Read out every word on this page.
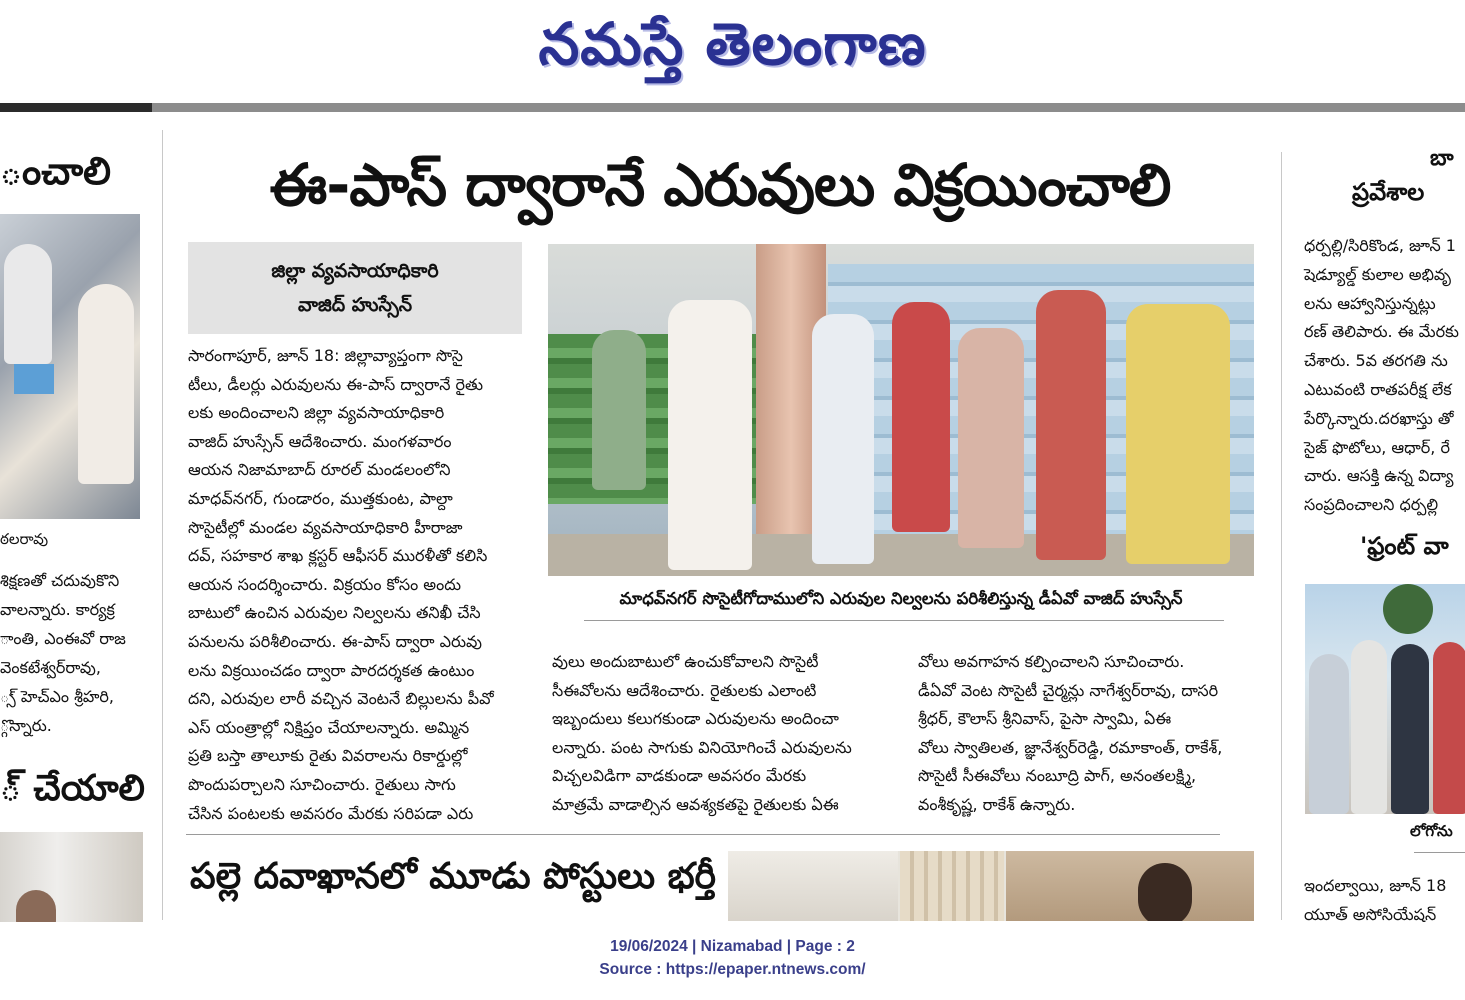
నమస్తే తెలంగాణ
ంచాలి
ఠలరావు

శిక్షణతో చదువుకొని

వాలన్నారు. కార్యక్ర

ాంతి, ఎంఈవో రాజ

వెంకటేశ్వర్‌రావు,

్స్ హెచ్‌ఎం శ్రీహరి,

్గొన్నారు.

్ చేయాలి
ఈ-పాస్ ద్వారానే ఎరువులు విక్రయించాలి
జిల్లా వ్యవసాయాధికారి
వాజిద్ హుస్సేన్

సారంగాపూర్, జూన్ 18: జిల్లావ్యాప్తంగా సొసై

టీలు, డీలర్లు ఎరువులను ఈ-పాస్ ద్వారానే రైతు

లకు అందించాలని జిల్లా వ్యవసాయాధికారి

వాజిద్ హుస్సేన్ ఆదేశించారు. మంగళవారం

ఆయన నిజామాబాద్ రూరల్ మండలంలోని

మాధవ్‌నగర్, గుండారం, ముత్తకుంట, పాల్దా

సొసైటీల్లో మండల వ్యవసాయాధికారి హీరాజా

దవ్, సహకార శాఖ క్లస్టర్ ఆఫీసర్ మురళీతో కలిసి

ఆయన సందర్శించారు. విక్రయం కోసం అందు

బాటులో ఉంచిన ఎరువుల నిల్వలను తనిఖీ చేసి

పనులను పరిశీలించారు. ఈ-పాస్ ద్వారా ఎరువు

లను విక్రయించడం ద్వారా పారదర్శకత ఉంటుం

దని, ఎరువుల లారీ వచ్చిన వెంటనే బిల్లులను పీవో

ఎస్ యంత్రాల్లో నిక్షిప్తం చేయాలన్నారు. అమ్మిన

ప్రతి బస్తా తాలూకు రైతు వివరాలను రికార్డుల్లో

పొందుపర్చాలని సూచించారు. రైతులు సాగు

చేసిన పంటలకు అవసరం మేరకు సరిపడా ఎరు

మాధవ్‌నగర్ సొసైటీగోదాములోని ఎరువుల నిల్వలను పరిశీలిస్తున్న డీఏవో వాజిద్ హుస్సేన్

వులు అందుబాటులో ఉంచుకోవాలని సొసైటీ

సీఈవోలను ఆదేశించారు. రైతులకు ఎలాంటి

ఇబ్బందులు కలుగకుండా ఎరువులను అందించా

లన్నారు. పంట సాగుకు వినియోగించే ఎరువులను

విచ్చలవిడిగా వాడకుండా అవసరం మేరకు

మాత్రమే వాడాల్సిన ఆవశ్యకతపై రైతులకు ఏఈ

వోలు అవగాహన కల్పించాలని సూచించారు.

డీఏవో వెంట సొసైటీ చైర్మన్లు నాగేశ్వర్‌రావు, దాసరి

శ్రీధర్, కౌలాస్ శ్రీనివాస్, పైసా స్వామి, ఏఈ

వోలు స్వాతిలత, జ్ఞానేశ్వర్‌రెడ్డి, రమాకాంత్, రాకేశ్,

సొసైటీ సీఈవోలు నంబూద్రి పాగ్, అనంతలక్ష్మి,

వంశీకృష్ణ, రాకేశ్ ఉన్నారు.

పల్లె దవాఖానలో మూడు పోస్టులు భర్తీ
బా
ప్రవేశాల

ధర్పల్లి/సిరికొండ, జూన్ 1

షెడ్యూల్డ్ కులాల అభివృ

లను ఆహ్వానిస్తున్నట్లు

రణ్ తెలిపారు. ఈ మేరకు

చేశారు. 5వ తరగతి ను

ఎటువంటి రాతపరీక్ష లేక

పేర్కొన్నారు.దరఖాస్తు తో

సైజ్ ఫొటోలు, ఆధార్, రే

చారు. ఆసక్తి ఉన్న విద్యా

సంప్రదించాలని ధర్పల్లి

'ఫ్రంట్ వా
లోగోను

ఇందల్వాయి, జూన్ 18

యూత్ అసోసియేషన్

19/06/2024 | Nizamabad | Page : 2
Source : https://epaper.ntnews.com/
